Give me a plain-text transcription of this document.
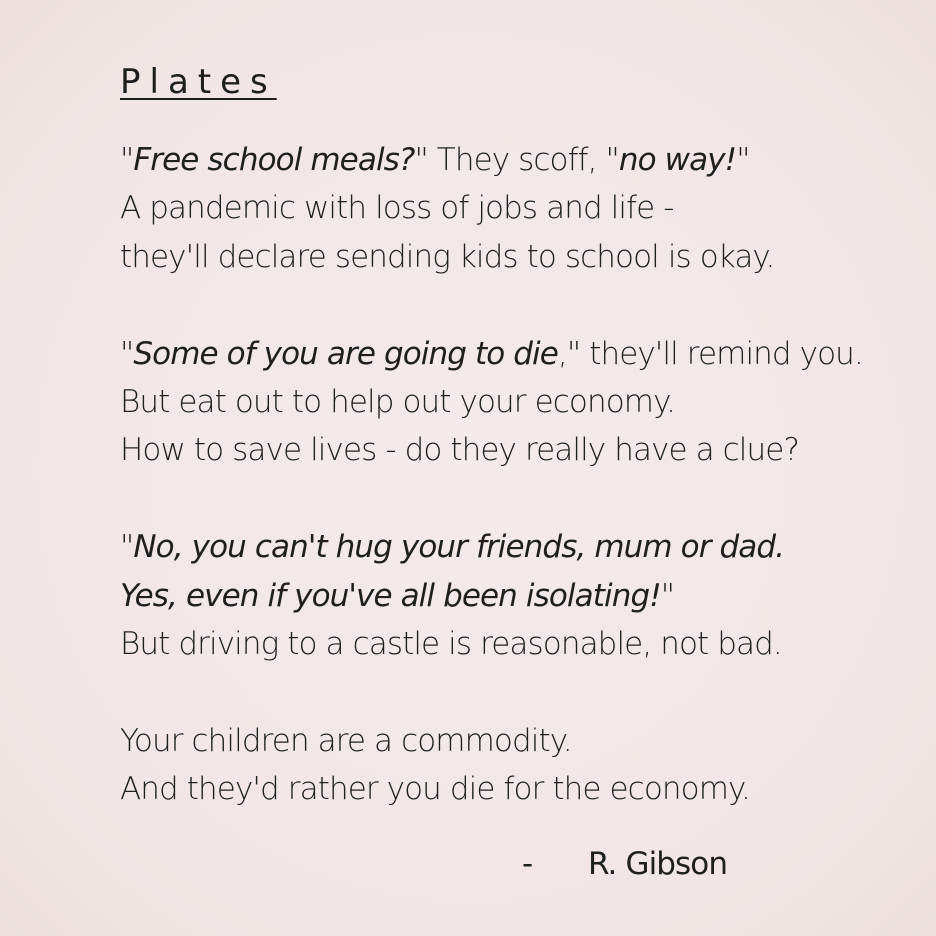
Plates
"Free school meals?" They scoff, "no way!"
A pandemic with loss of jobs and life -
they'll declare sending kids to school is okay.
"Some of you are going to die," they'll remind you.
But eat out to help out your economy.
How to save lives - do they really have a clue?
"No, you can't hug your friends, mum or dad.
Yes, even if you've all been isolating!"
But driving to a castle is reasonable, not bad.
Your children are a commodity.
And they'd rather you die for the economy.
- R. Gibson
